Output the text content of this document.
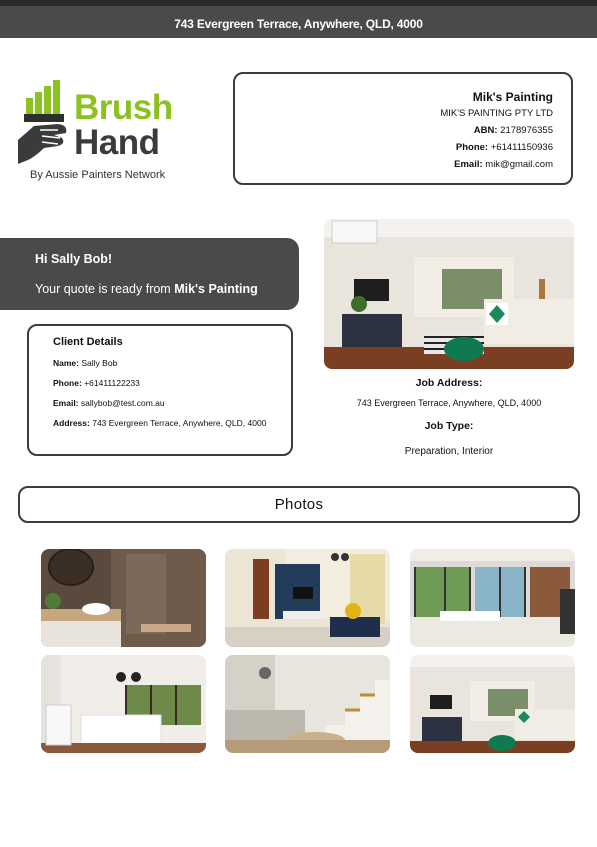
743 Evergreen Terrace, Anywhere, QLD, 4000
Brush
Hand
By Aussie Painters Network
Mik's Painting
MIK'S PAINTING PTY LTD
ABN: 2178976355
Phone: +61411150936
Email: mik@gmail.com
Hi Sally Bob!
Your quote is ready from Mik's Painting
Client Details
Name: Sally Bob
Phone: +61411122233
Email: sallybob@test.com.au
Address: 743 Evergreen Terrace, Anywhere, QLD, 4000
Job Address:
743 Evergreen Terrace, Anywhere, QLD, 4000
Job Type:
Preparation, Interior
Photos
